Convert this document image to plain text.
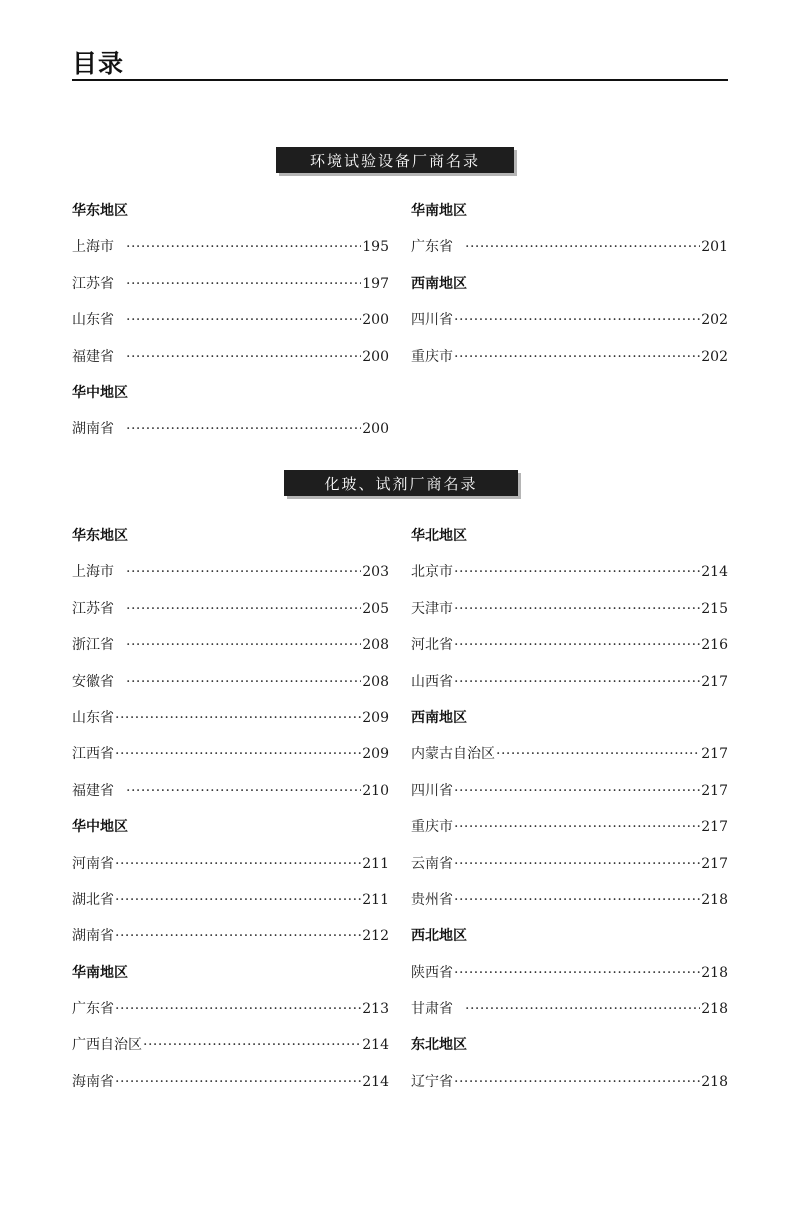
目录
环境试验设备厂商名录
华东地区
上海市 ·····	195
江苏省 ·····	197
山东省 ·····	200
福建省 ·····	200
华中地区
湖南省 ·····	200
华南地区
广东省 ·····	201
西南地区
四川省 ·····	202
重庆市 ·····	202
化玻、试剂厂商名录
华东地区
上海市 ·····	203
江苏省 ·····	205
浙江省 ·····	208
安徽省 ·····	208
山东省 ·····	209
江西省 ·····	209
福建省 ·····	210
华中地区
河南省 ·····	211
湖北省 ·····	211
湖南省 ·····	212
华南地区
广东省 ·····	213
广西自治区 ·····	214
海南省 ·····	214
华北地区
北京市 ·····	214
天津市 ·····	215
河北省 ·····	216
山西省 ·····	217
西南地区
内蒙古自治区 ·····	217
四川省 ·····	217
重庆市 ·····	217
云南省 ·····	217
贵州省 ·····	218
西北地区
陕西省 ·····	218
甘肃省 ·····	218
东北地区
辽宁省 ·····	218
